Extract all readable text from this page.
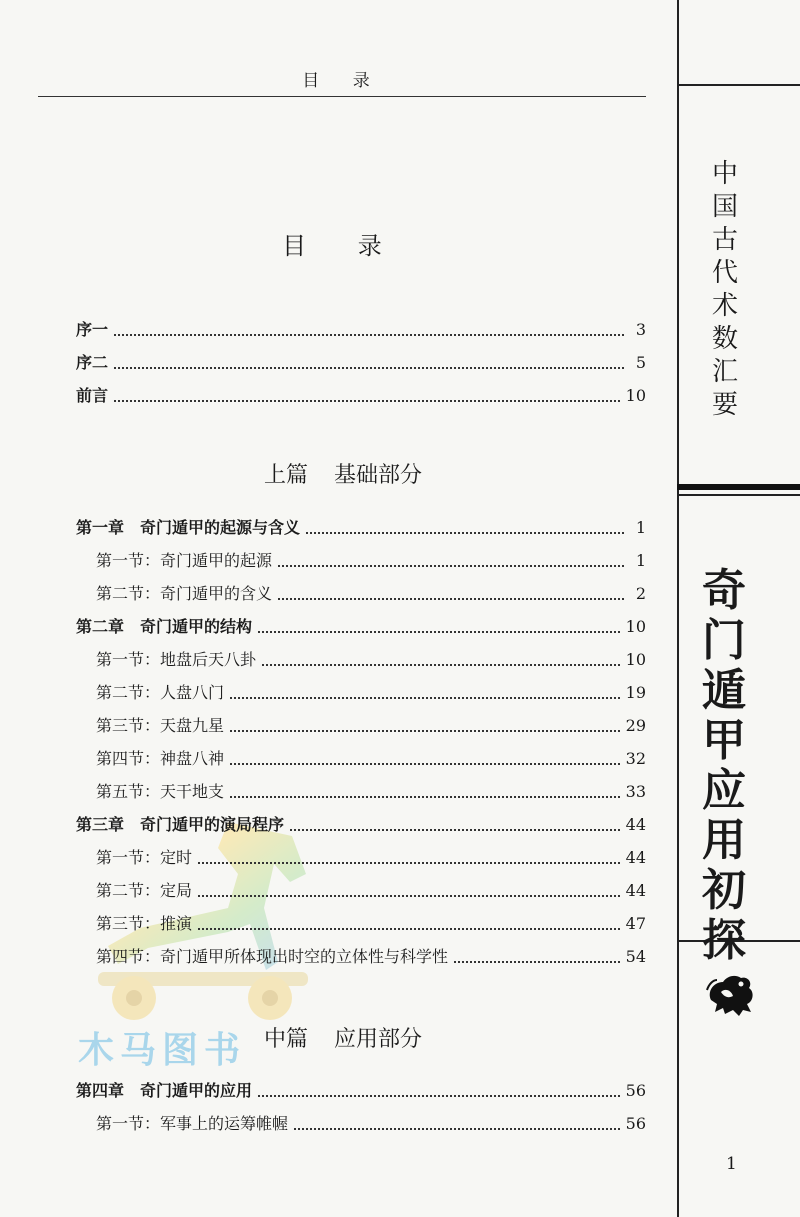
木马图书
目 录
目 录
序一	3
序二	5
前言	10
上篇 基础部分
第一章　奇门遁甲的起源与含义	1
第一节：奇门遁甲的起源	1
第二节：奇门遁甲的含义	2
第二章　奇门遁甲的结构	10
第一节：地盘后天八卦	10
第二节：人盘八门	19
第三节：天盘九星	29
第四节：神盘八神	32
第五节：天干地支	33
第三章　奇门遁甲的演局程序	44
第一节：定时	44
第二节：定局	44
第三节：推演	47
第四节：奇门遁甲所体现出时空的立体性与科学性	54
中篇 应用部分
第四章　奇门遁甲的应用	56
第一节：军事上的运筹帷幄	56
中国古代术数汇要
奇门遁甲应用初探
1
